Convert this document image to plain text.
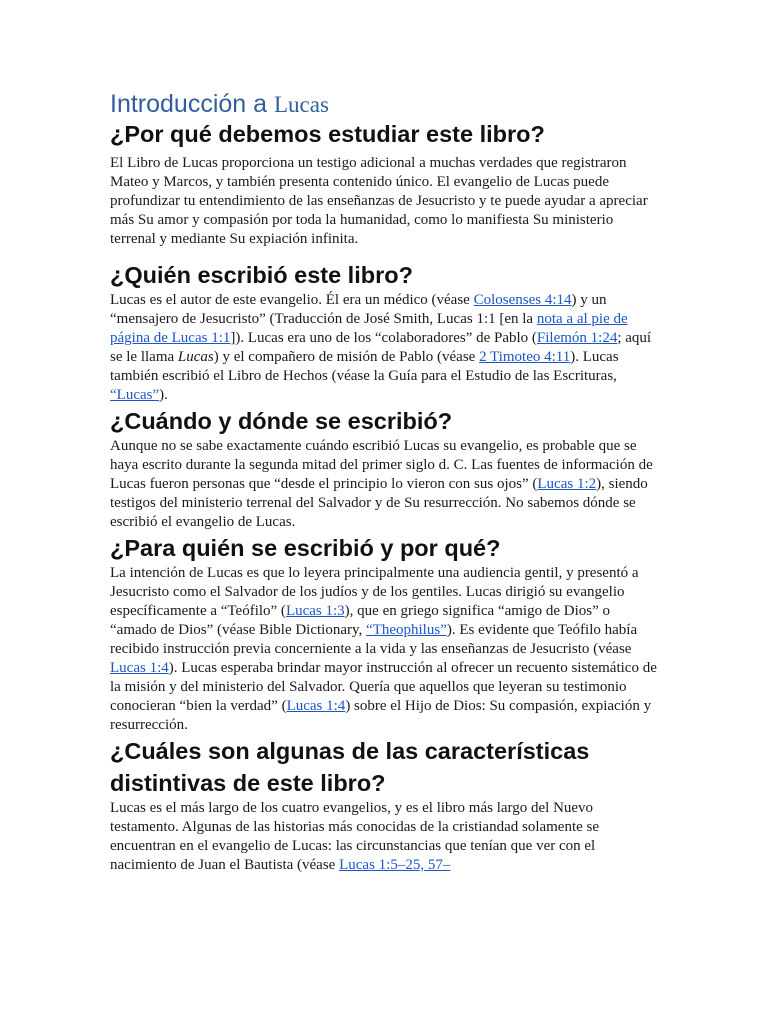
Introducción a Lucas
¿Por qué debemos estudiar este libro?

El Libro de Lucas proporciona un testigo adicional a muchas verdades que registraron Mateo y Marcos, y también presenta contenido único. El evangelio de Lucas puede profundizar tu entendimiento de las enseñanzas de Jesucristo y te puede ayudar a apreciar más Su amor y compasión por toda la humanidad, como lo manifiesta Su ministerio terrenal y mediante Su expiación infinita.

¿Quién escribió este libro?

Lucas es el autor de este evangelio. Él era un médico (véase Colosenses 4:14) y un “mensajero de Jesucristo” (Traducción de José Smith, Lucas 1:1 [en la nota a al pie de página de Lucas 1:1]). Lucas era uno de los “colaboradores” de Pablo (Filemón 1:24; aquí se le llama Lucas) y el compañero de misión de Pablo (véase 2 Timoteo 4:11). Lucas también escribió el Libro de Hechos (véase la Guía para el Estudio de las Escrituras, “Lucas”).

¿Cuándo y dónde se escribió?

Aunque no se sabe exactamente cuándo escribió Lucas su evangelio, es probable que se haya escrito durante la segunda mitad del primer siglo d. C. Las fuentes de información de Lucas fueron personas que “desde el principio lo vieron con sus ojos” (Lucas 1:2), siendo testigos del ministerio terrenal del Salvador y de Su resurrección. No sabemos dónde se escribió el evangelio de Lucas.

¿Para quién se escribió y por qué?

La intención de Lucas es que lo leyera principalmente una audiencia gentil, y presentó a Jesucristo como el Salvador de los judíos y de los gentiles. Lucas dirigió su evangelio específicamente a “Teófilo” (Lucas 1:3), que en griego significa “amigo de Dios” o “amado de Dios” (véase Bible Dictionary, “Theophilus”). Es evidente que Teófilo había recibido instrucción previa concerniente a la vida y las enseñanzas de Jesucristo (véase Lucas 1:4). Lucas esperaba brindar mayor instrucción al ofrecer un recuento sistemático de la misión y del ministerio del Salvador. Quería que aquellos que leyeran su testimonio conocieran “bien la verdad” (Lucas 1:4) sobre el Hijo de Dios: Su compasión, expiación y resurrección.

¿Cuáles son algunas de las características distintivas de este libro?

Lucas es el más largo de los cuatro evangelios, y es el libro más largo del Nuevo testamento. Algunas de las historias más conocidas de la cristiandad solamente se encuentran en el evangelio de Lucas: las circunstancias que tenían que ver con el nacimiento de Juan el Bautista (véase Lucas 1:5–25, 57–
